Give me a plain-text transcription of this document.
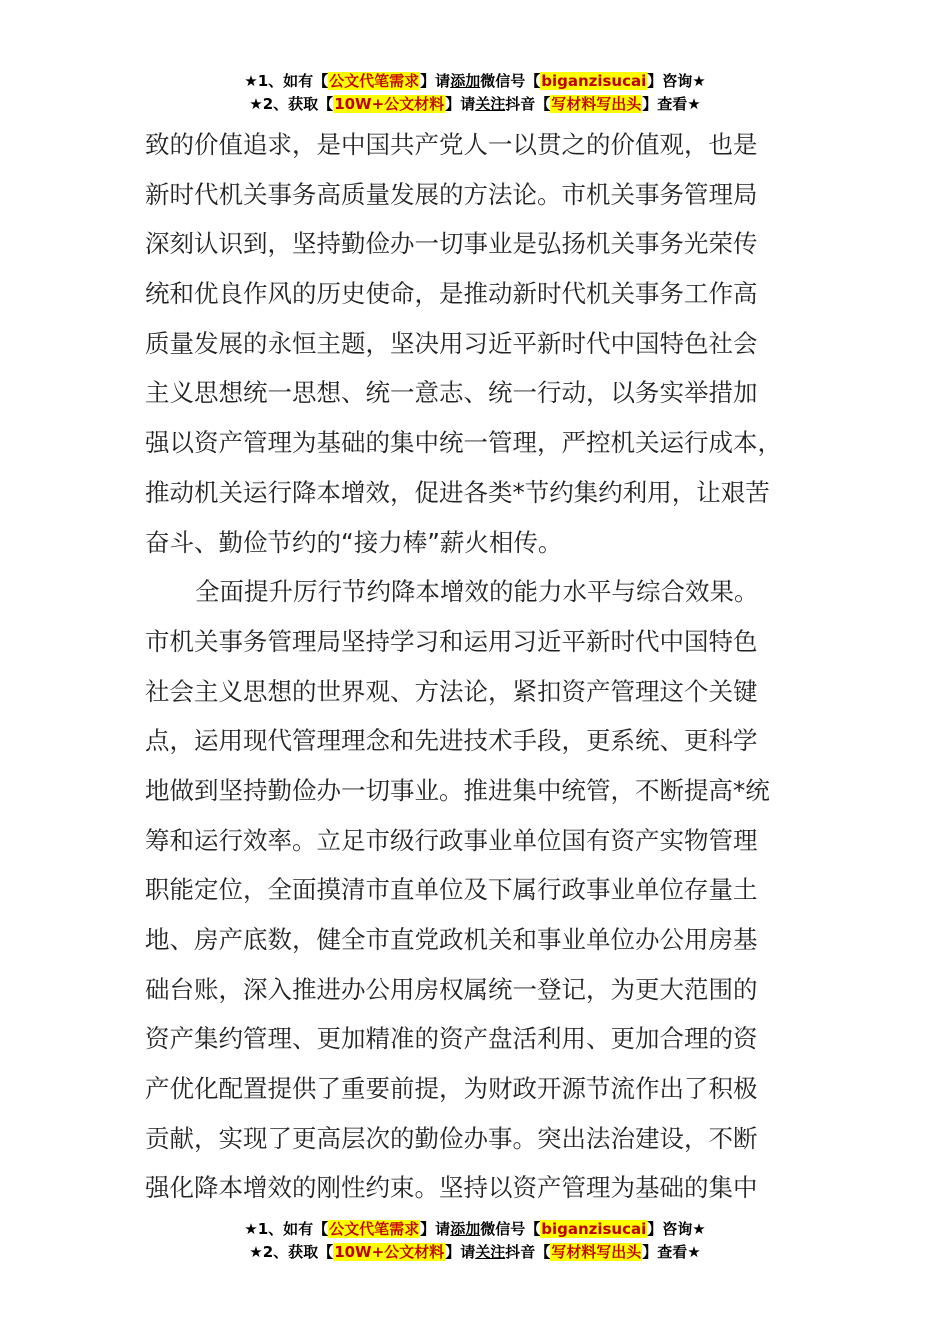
★1、如有【公文代笔需求】请添加微信号【biganzisucai】咨询★
★2、获取【10W+公文材料】请关注抖音【写材料写出头】查看★
致的价值追求，是中国共产党人一以贯之的价值观，也是
新时代机关事务高质量发展的方法论。市机关事务管理局
深刻认识到，坚持勤俭办一切事业是弘扬机关事务光荣传
统和优良作风的历史使命，是推动新时代机关事务工作高
质量发展的永恒主题，坚决用习近平新时代中国特色社会
主义思想统一思想、统一意志、统一行动，以务实举措加
强以资产管理为基础的集中统一管理，严控机关运行成本，
推动机关运行降本增效，促进各类*节约集约利用，让艰苦
奋斗、勤俭节约的“接力棒”薪火相传。
全面提升厉行节约降本增效的能力水平与综合效果。
市机关事务管理局坚持学习和运用习近平新时代中国特色
社会主义思想的世界观、方法论，紧扣资产管理这个关键
点，运用现代管理理念和先进技术手段，更系统、更科学
地做到坚持勤俭办一切事业。推进集中统管，不断提高*统
筹和运行效率。立足市级行政事业单位国有资产实物管理
职能定位，全面摸清市直单位及下属行政事业单位存量土
地、房产底数，健全市直党政机关和事业单位办公用房基
础台账，深入推进办公用房权属统一登记，为更大范围的
资产集约管理、更加精准的资产盘活利用、更加合理的资
产优化配置提供了重要前提，为财政开源节流作出了积极
贡献，实现了更高层次的勤俭办事。突出法治建设，不断
强化降本增效的刚性约束。坚持以资产管理为基础的集中
★1、如有【公文代笔需求】请添加微信号【biganzisucai】咨询★
★2、获取【10W+公文材料】请关注抖音【写材料写出头】查看★
